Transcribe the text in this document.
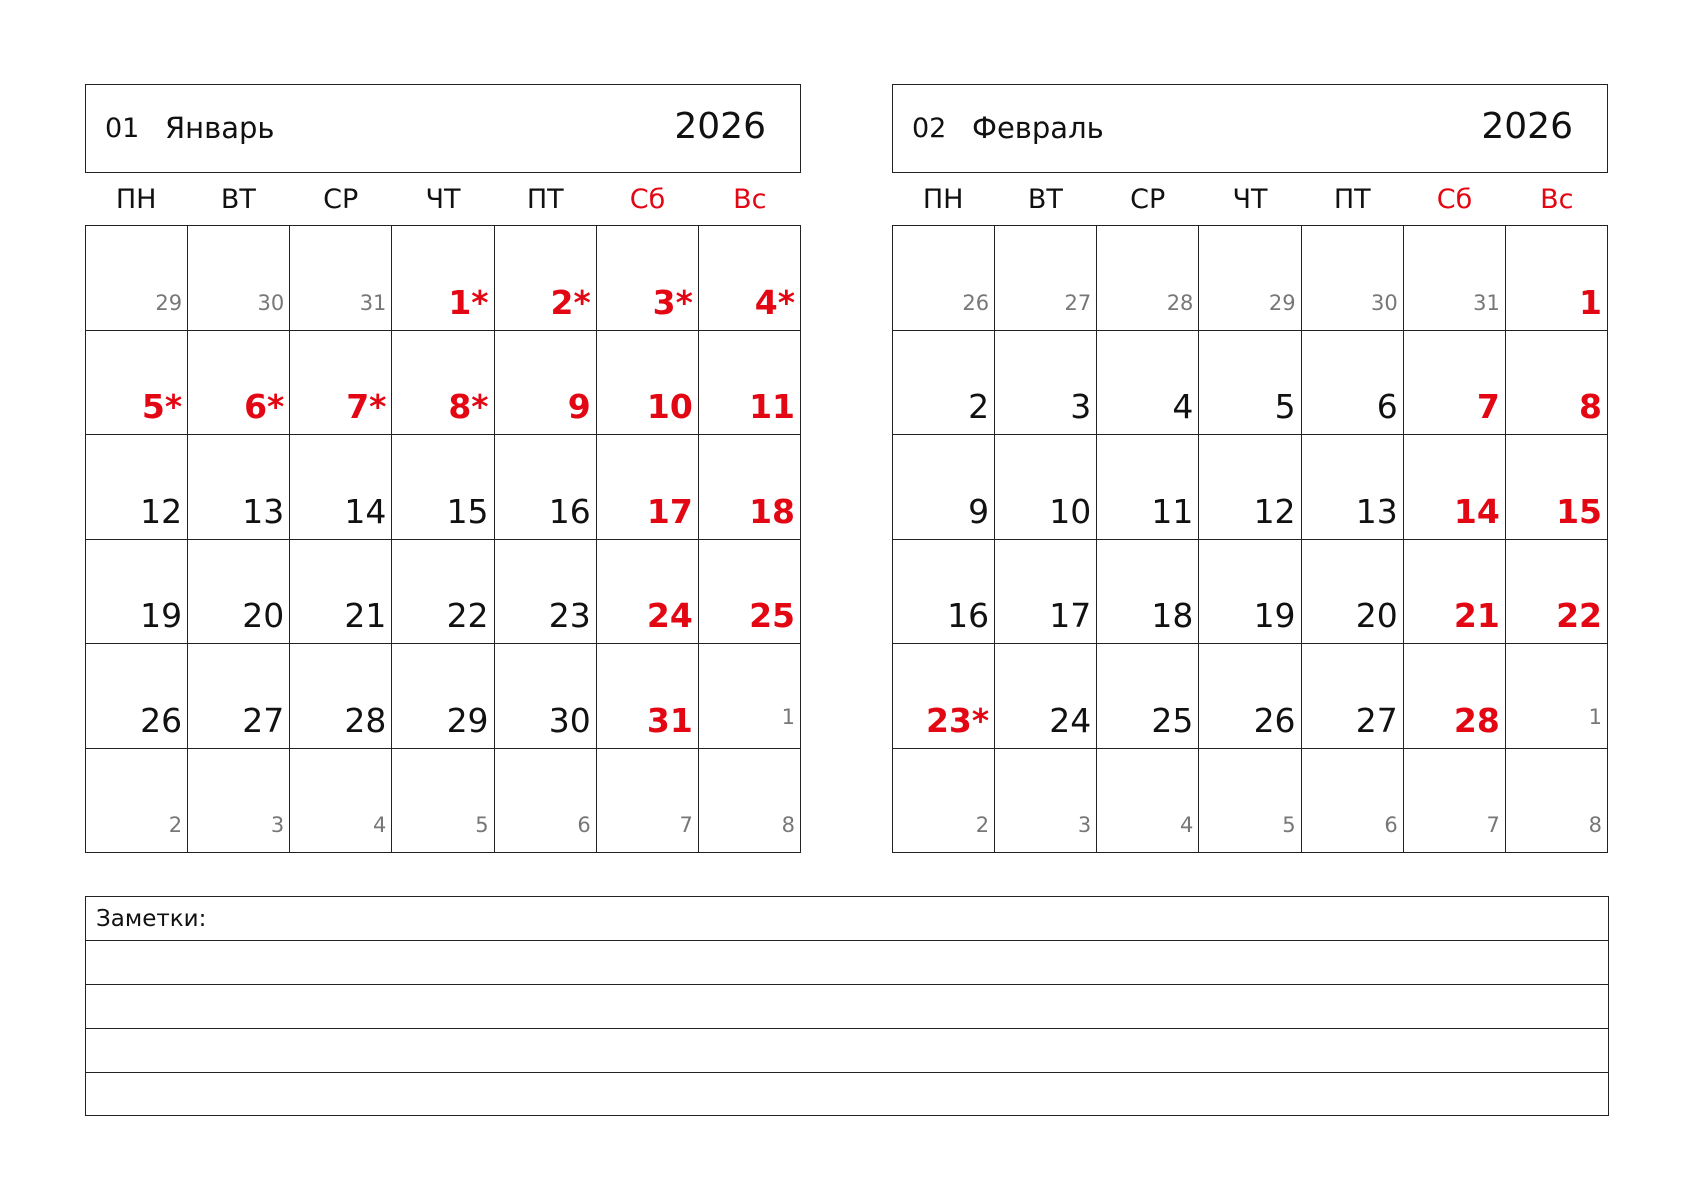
01 Январь	2026
ПН	ВТ	СР	ЧТ	ПТ	Сб	Вс
29	30	31 1* 2* 3* 4*
5* 6* 7* 8* 9 10 11
12 13 14 15 16 17 18
19 20 21 22 23 24 25
26 27 28 29 30 31	1
2	3	4	5	6	7	8
02 Февраль	2026
ПН	ВТ	СР	ЧТ	ПТ	Сб	Вс
26	27	28	29	30	31 1
2 3 4 5 6 7 8
9 10 11 12 13 14 15
16 17 18 19 20 21 22
23* 24 25 26 27 28	1
2	3	4	5	6	7	8
Заметки:
